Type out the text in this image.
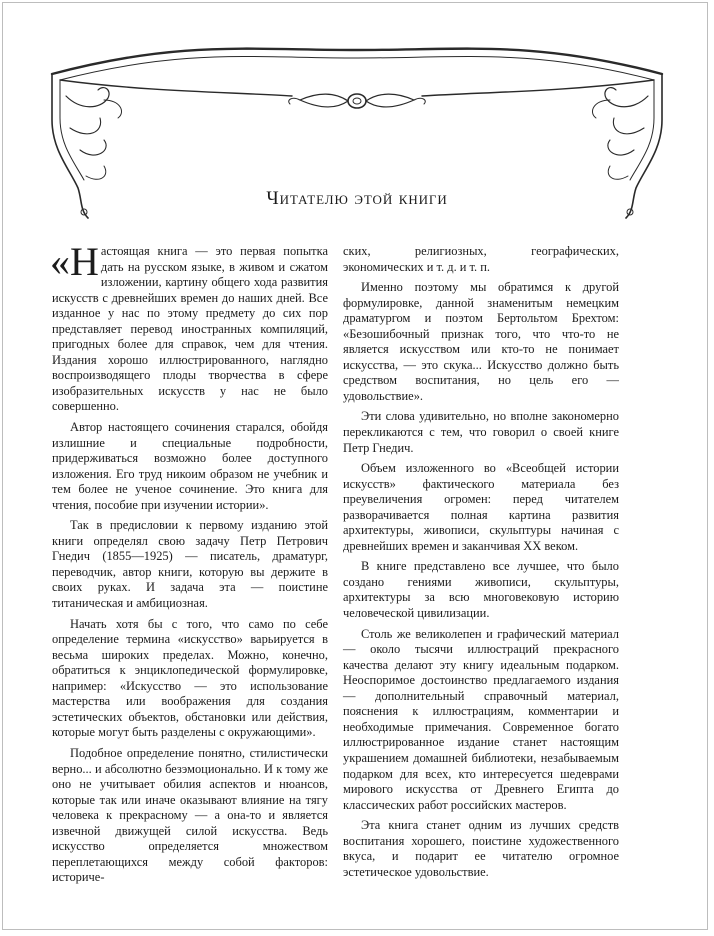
Читателю этой книги

«Настоящая книга — это первая попытка дать на русском языке, в живом и сжатом изложении, картину общего хода развития искусств с древнейших времен до наших дней. Все изданное у нас по этому предмету до сих пор представляет перевод иностранных компиляций, пригодных более для справок, чем для чтения. Издания хорошо иллюстрированного, наглядно воспроизводящего плоды творчества в сфере изобразительных искусств у нас не было совершенно.

Автор настоящего сочинения старался, обойдя излишние и специальные подробности, придерживаться возможно более доступного изложения. Его труд никоим образом не учебник и тем более не ученое сочинение. Это книга для чтения, пособие при изучении истории».

Так в предисловии к первому изданию этой книги определял свою задачу Петр Петрович Гнедич (1855—1925) — писатель, драматург, переводчик, автор книги, которую вы держите в своих руках. И задача эта — поистине титаническая и амбициозная.

Начать хотя бы с того, что само по себе определение термина «искусство» варьируется в весьма широких пределах. Можно, конечно, обратиться к энциклопедической формулировке, например: «Искусство — это использование мастерства или воображения для создания эстетических объектов, обстановки или действия, которые могут быть разделены с окружающими».

Подобное определение понятно, стилистически верно... и абсолютно безэмоционально. И к тому же оно не учитывает обилия аспектов и нюансов, которые так или иначе оказывают влияние на тягу человека к прекрасному — а она-то и является извечной движущей силой искусства. Ведь искусство определяется множеством переплетающихся между собой факторов: историче-

ских, религиозных, географических, экономических и т. д. и т. п.

Именно поэтому мы обратимся к другой формулировке, данной знаменитым немецким драматургом и поэтом Бертольтом Брехтом: «Безошибочный признак того, что что-то не является искусством или кто-то не понимает искусства, — это скука... Искусство должно быть средством воспитания, но цель его — удовольствие».

Эти слова удивительно, но вполне закономерно перекликаются с тем, что говорил о своей книге Петр Гнедич.

Объем изложенного во «Всеобщей истории искусств» фактического материала без преувеличения огромен: перед читателем разворачивается полная картина развития архитектуры, живописи, скульптуры начиная с древнейших времен и заканчивая XX веком.

В книге представлено все лучшее, что было создано гениями живописи, скульптуры, архитектуры за всю многовековую историю человеческой цивилизации.

Столь же великолепен и графический материал — около тысячи иллюстраций прекрасного качества делают эту книгу идеальным подарком. Неоспоримое достоинство предлагаемого издания — дополнительный справочный материал, пояснения к иллюстрациям, комментарии и необходимые примечания. Современное богато иллюстрированное издание станет настоящим украшением домашней библиотеки, незабываемым подарком для всех, кто интересуется шедеврами мирового искусства от Древнего Египта до классических работ российских мастеров.

Эта книга станет одним из лучших средств воспитания хорошего, поистине художественного вкуса, и подарит ее читателю огромное эстетическое удовольствие.
